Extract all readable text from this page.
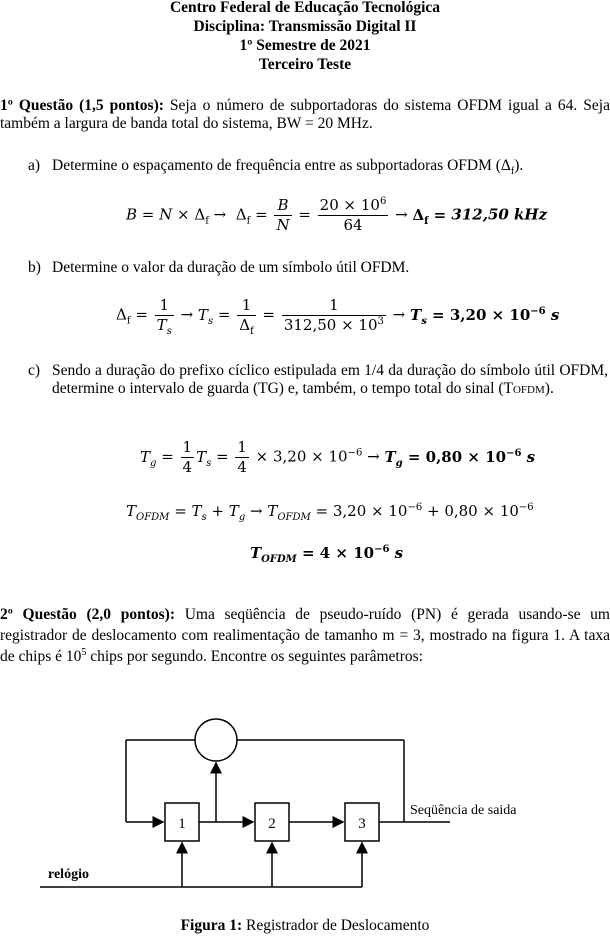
Centro Federal de Educação Tecnológica
Disciplina: Transmissão Digital II
1º Semestre de 2021
Terceiro Teste
1º Questão (1,5 pontos): Seja o número de subportadoras do sistema OFDM igual a 64. Seja também a largura de banda total do sistema, BW = 20 MHz.
a) Determine o espaçamento de frequência entre as subportadoras OFDM $(\Delta_f)$.
$B = N \times \Delta_f \to \Delta_f = \frac{B}{N} = \frac{20 \times 10^6}{64} \to \Delta_f = 312,50$ kHz
b) Determine o valor da duração de um símbolo útil OFDM.
$\Delta_f = \frac{1}{T_s} \to T_s = \frac{1}{\Delta_f} = \frac{1}{312,50 \times 10^3} \to T_s = 3,20 \times 10^{-6}$ s
c) Sendo a duração do prefixo cíclico estipulada em 1/4 da duração do símbolo útil OFDM, determine o intervalo de guarda (TG) e, também, o tempo total do sinal (TOFDM).
$T_g = \frac{1}{4} T_s = \frac{1}{4} \times 3,20 \times 10^{-6} \to T_g = 0,80 \times 10^{-6}$ s
$T_{OFDM} = T_s + T_g \to T_{OFDM} = 3,20 \times 10^{-6} + 0,80 \times 10^{-6}$
$T_{OFDM} = 4 \times 10^{-6}$ s
2º Questão (2,0 pontos): Uma seqüência de pseudo-ruído (PN) é gerada usando-se um registrador de deslocamento com realimentação de tamanho m = 3, mostrado na figura 1. A taxa de chips é $10^5$ chips por segundo. Encontre os seguintes parâmetros:
1	2	3
Seqüência de saida
relógio
Figura 1: Registrador de Deslocamento
